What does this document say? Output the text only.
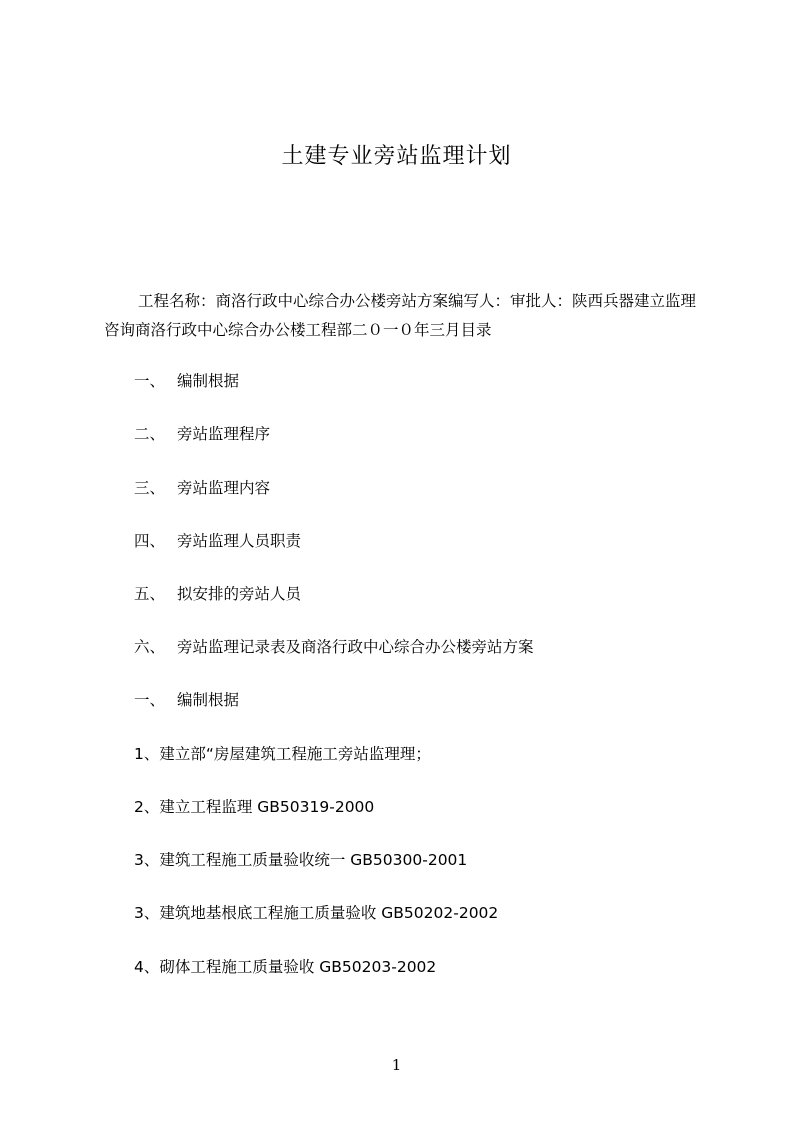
土建专业旁站监理计划
工程名称：商洛行政中心综合办公楼旁站方案编写人：审批人：陕西兵器建立监理咨询商洛行政中心综合办公楼工程部二０一０年三月目录
一、 编制根据
二、 旁站监理程序
三、 旁站监理内容
四、 旁站监理人员职责
五、 拟安排的旁站人员
六、 旁站监理记录表及商洛行政中心综合办公楼旁站方案
一、 编制根据
1、建立部“房屋建筑工程施工旁站监理理；
2、建立工程监理 GB50319-2000
3、建筑工程施工质量验收统一 GB50300-2001
3、建筑地基根底工程施工质量验收 GB50202-2002
4、砌体工程施工质量验收 GB50203-2002
1
